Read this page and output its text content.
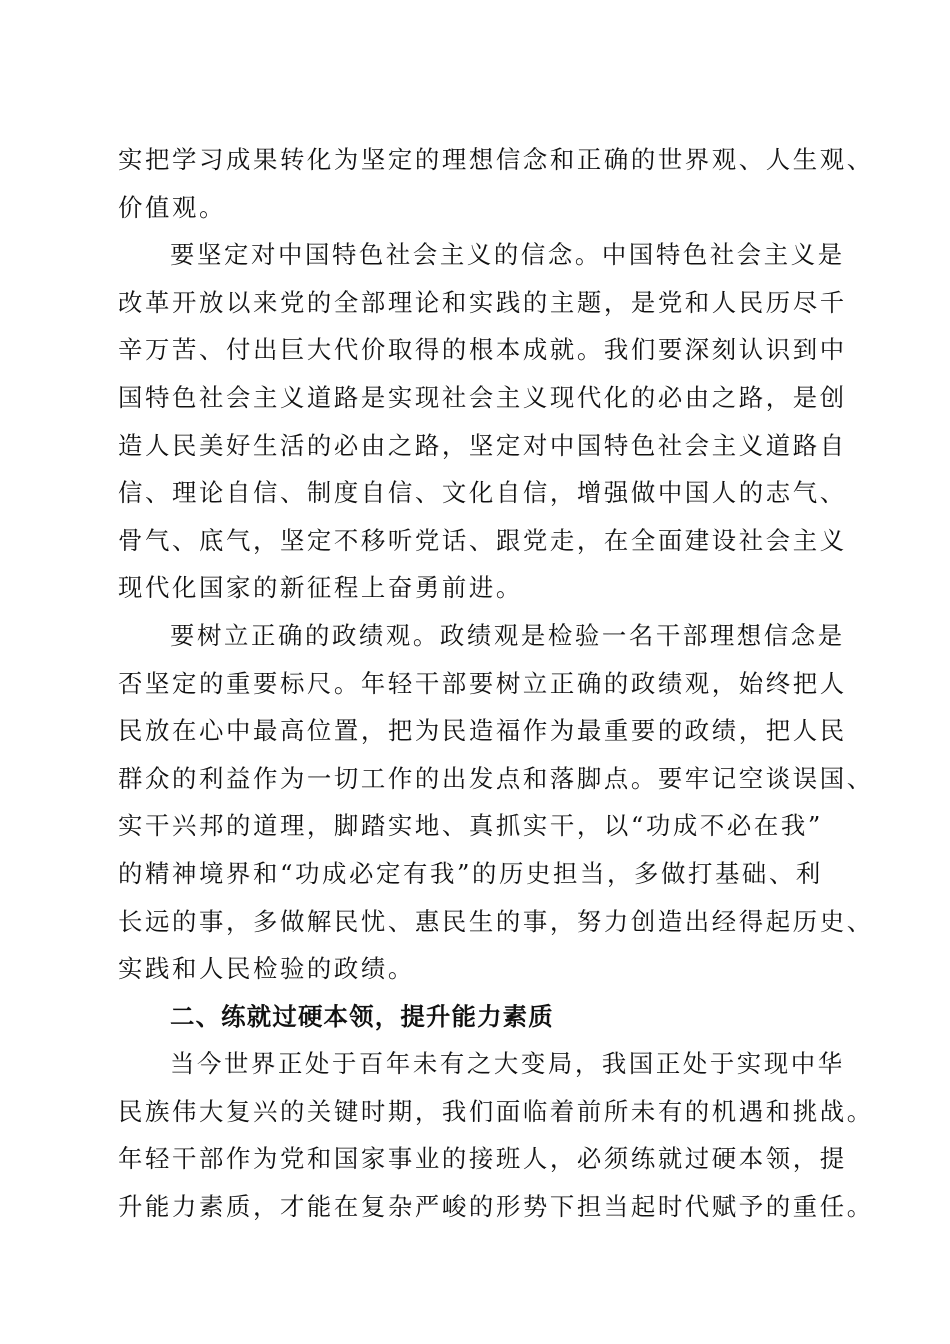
实把学习成果转化为坚定的理想信念和正确的世界观、人生观、
价值观。
要坚定对中国特色社会主义的信念。中国特色社会主义是
改革开放以来党的全部理论和实践的主题，是党和人民历尽千
辛万苦、付出巨大代价取得的根本成就。我们要深刻认识到中
国特色社会主义道路是实现社会主义现代化的必由之路，是创
造人民美好生活的必由之路，坚定对中国特色社会主义道路自
信、理论自信、制度自信、文化自信，增强做中国人的志气、
骨气、底气，坚定不移听党话、跟党走，在全面建设社会主义
现代化国家的新征程上奋勇前进。
要树立正确的政绩观。政绩观是检验一名干部理想信念是
否坚定的重要标尺。年轻干部要树立正确的政绩观，始终把人
民放在心中最高位置，把为民造福作为最重要的政绩，把人民
群众的利益作为一切工作的出发点和落脚点。要牢记空谈误国、
实干兴邦的道理，脚踏实地、真抓实干，以“功成不必在我”
的精神境界和“功成必定有我”的历史担当，多做打基础、利
长远的事，多做解民忧、惠民生的事，努力创造出经得起历史、
实践和人民检验的政绩。
二、练就过硬本领，提升能力素质
当今世界正处于百年未有之大变局，我国正处于实现中华
民族伟大复兴的关键时期，我们面临着前所未有的机遇和挑战。
年轻干部作为党和国家事业的接班人，必须练就过硬本领，提
升能力素质，才能在复杂严峻的形势下担当起时代赋予的重任。
